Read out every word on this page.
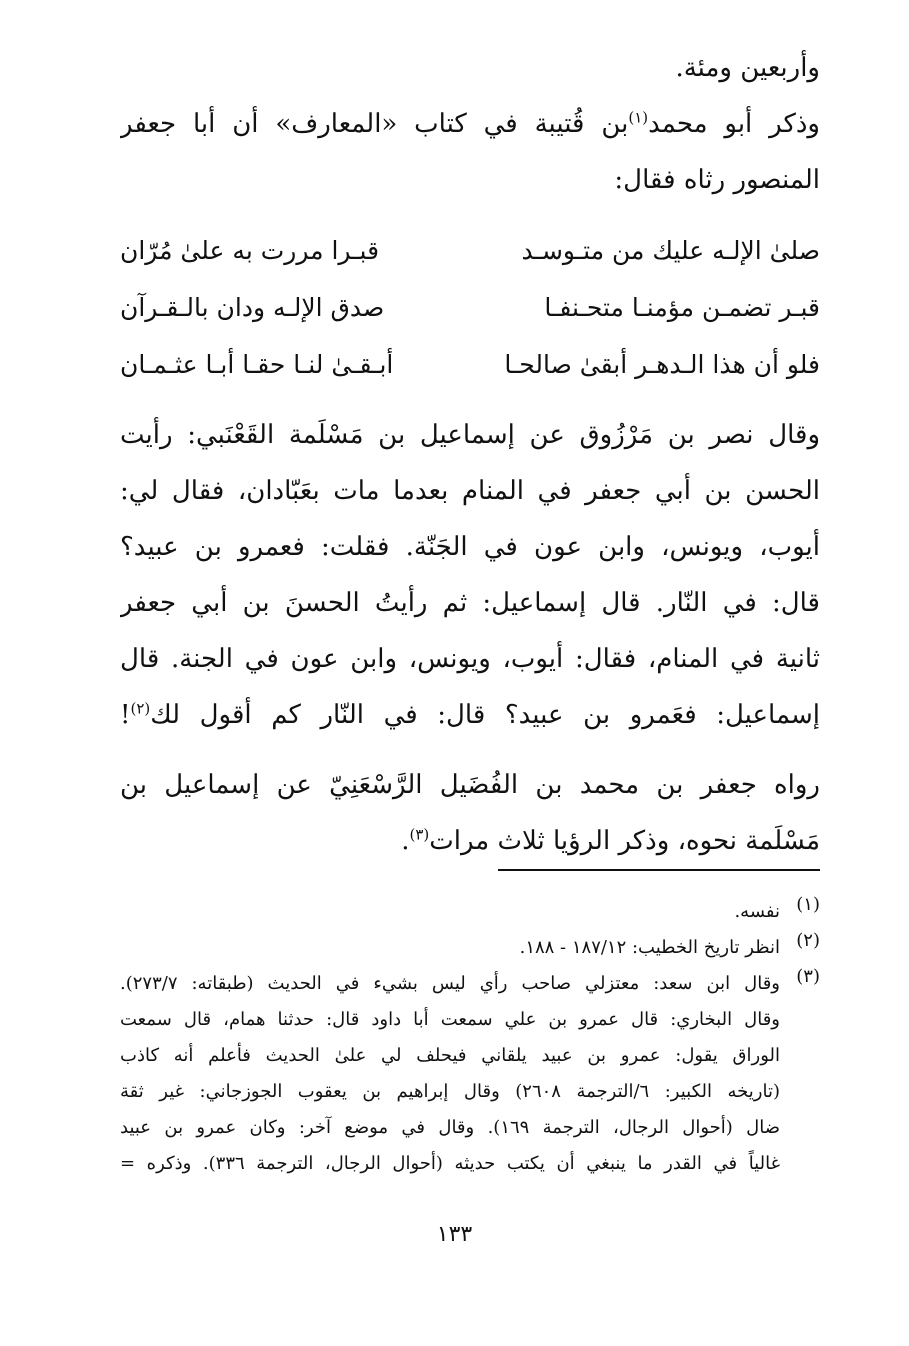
وأربعين ومئة.
وذكر أبو محمد$^{(١)}$بن قُتيبة في كتاب «المعارف» أن أبا جعفر
المنصور رثاه فقال:
صلىٰ الإلـه عليك من متـوسـد
قبـرا مررت به علىٰ مُرّان
قبـر تضمـن مؤمنـا متحـنفـا
صدق الإلـه ودان بالـقـرآن
فلو أن هذا الـدهـر أبقىٰ صالحـا
أبـقـىٰ لنـا حقـا أبـا عثـمـان
وقال نصر بن مَرْزُوق عن إسماعيل بن مَسْلَمة القَعْنَبي: رأيت
الحسن بن أبي جعفر في المنام بعدما مات بعَبّادان، فقال لي:
أيوب، ويونس، وابن عون في الجَنّة. فقلت: فعمرو بن عبيد؟
قال: في النّار. قال إسماعيل: ثم رأيتُ الحسنَ بن أبي جعفر
ثانية في المنام، فقال: أيوب، ويونس، وابن عون في الجنة. قال
إسماعيل: فعَمرو بن عبيد؟ قال: في النّار كم أقول لك$^{(٢)}$!
رواه جعفر بن محمد بن الفُضَيل الرَّسْعَنِيّ عن إسماعيل بن
مَسْلَمة نحوه، وذكر الرؤيا ثلاث مرات$^{(٣)}$.
(١)
نفسه.
(٢)
انظر تاريخ الخطيب: ١٨٧/١٢ - ١٨٨.
(٣)
وقال ابن سعد: معتزلي صاحب رأي ليس بشيء في الحديث (طبقاته: ٢٧٣/٧).
وقال البخاري: قال عمرو بن علي سمعت أبا داود قال: حدثنا همام، قال سمعت
الوراق يقول: عمرو بن عبيد يلقاني فيحلف لي علىٰ الحديث فأعلم أنه كاذب
(تاريخه الكبير: ٦/الترجمة ٢٦٠٨) وقال إبراهيم بن يعقوب الجوزجاني: غير ثقة
ضال (أحوال الرجال، الترجمة ١٦٩). وقال في موضع آخر: وكان عمرو بن عبيد
غالياً في القدر ما ينبغي أن يكتب حديثه (أحوال الرجال، الترجمة ٣٣٦). وذكره =
١٣٣
